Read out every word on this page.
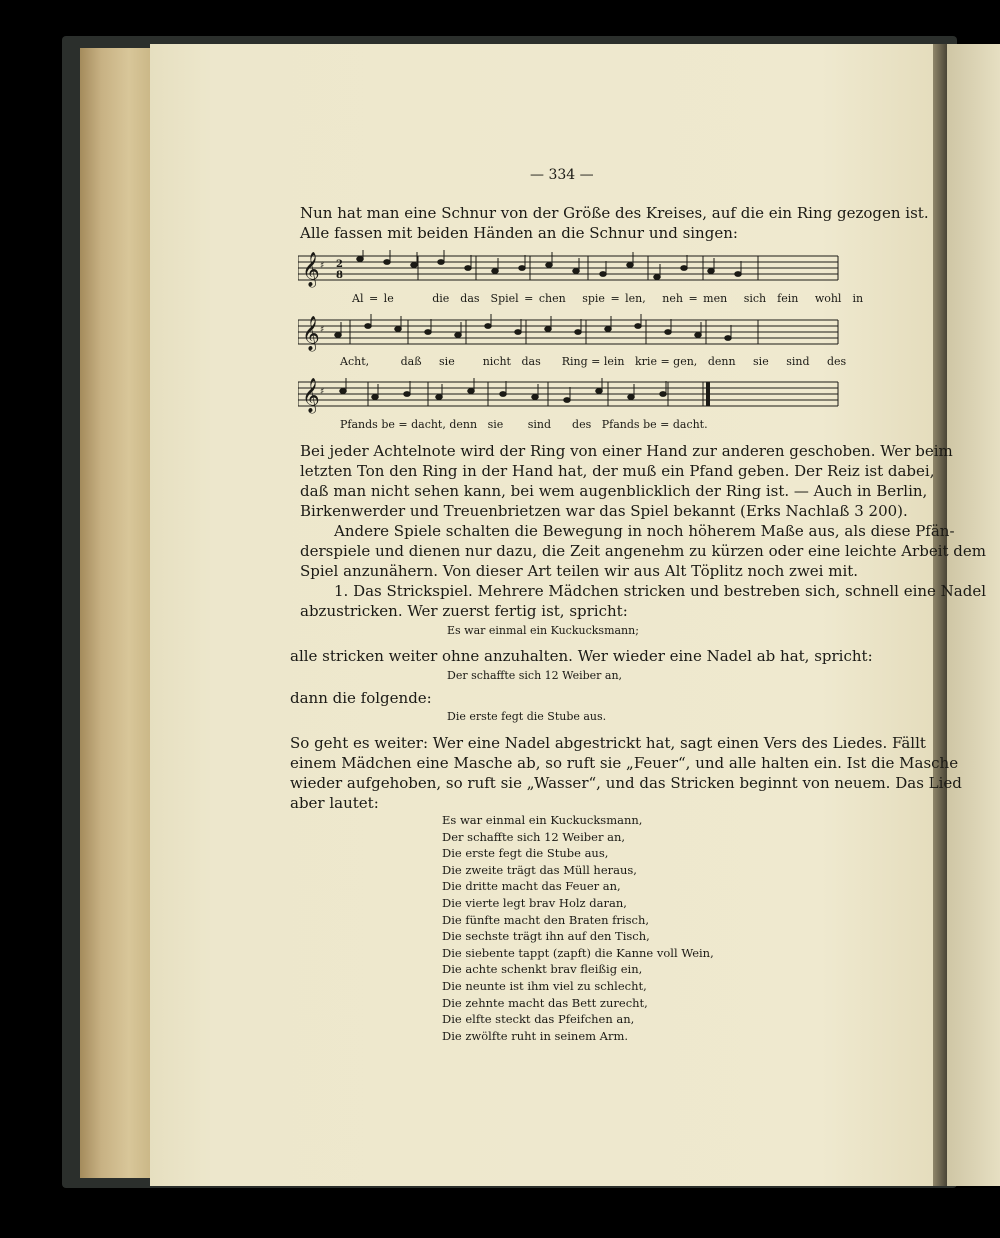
— 334 —
Nun hat man eine Schnur von der Größe des Kreises, auf die ein Ring gezogen ist.
Alle fassen mit beiden Händen an die Schnur und singen:
𝄞 ♯ 2
8
Al = le	die das Spiel = chen spie = len, neh = men sich fein wohl in
𝄞 ♯
Acht,	daß sie	nicht das Ring = lein krie = gen, denn sie sind des
𝄞 ♯
Pfands be = dacht, denn sie sind des Pfands be = dacht.
Bei jeder Achtelnote wird der Ring von einer Hand zur anderen geschoben. Wer beim
letzten Ton den Ring in der Hand hat, der muß ein Pfand geben. Der Reiz ist dabei,
daß man nicht sehen kann, bei wem augenblicklich der Ring ist. — Auch in Berlin,
Birkenwerder und Treuenbrietzen war das Spiel bekannt (Erks Nachlaß 3 200).
Andere Spiele schalten die Bewegung in noch höherem Maße aus, als diese Pfän-
derspiele und dienen nur dazu, die Zeit angenehm zu kürzen oder eine leichte Arbeit dem
Spiel anzunähern. Von dieser Art teilen wir aus Alt Töplitz noch zwei mit.
1. Das Strickspiel. Mehrere Mädchen stricken und bestreben sich, schnell eine Nadel
abzustricken. Wer zuerst fertig ist, spricht:
Es war einmal ein Kuckucksmann;
alle stricken weiter ohne anzuhalten. Wer wieder eine Nadel ab hat, spricht:
Der schaffte sich 12 Weiber an,
dann die folgende:
Die erste fegt die Stube aus.
So geht es weiter: Wer eine Nadel abgestrickt hat, sagt einen Vers des Liedes. Fällt
einem Mädchen eine Masche ab, so ruft sie „Feuer“, und alle halten ein. Ist die Masche
wieder aufgehoben, so ruft sie „Wasser“, und das Stricken beginnt von neuem. Das Lied
aber lautet:
Es war einmal ein Kuckucksmann,
Der schaffte sich 12 Weiber an,
Die erste fegt die Stube aus,
Die zweite trägt das Müll heraus,
Die dritte macht das Feuer an,
Die vierte legt brav Holz daran,
Die fünfte macht den Braten frisch,
Die sechste trägt ihn auf den Tisch,
Die siebente tappt (zapft) die Kanne voll Wein,
Die achte schenkt brav fleißig ein,
Die neunte ist ihm viel zu schlecht,
Die zehnte macht das Bett zurecht,
Die elfte steckt das Pfeifchen an,
Die zwölfte ruht in seinem Arm.
